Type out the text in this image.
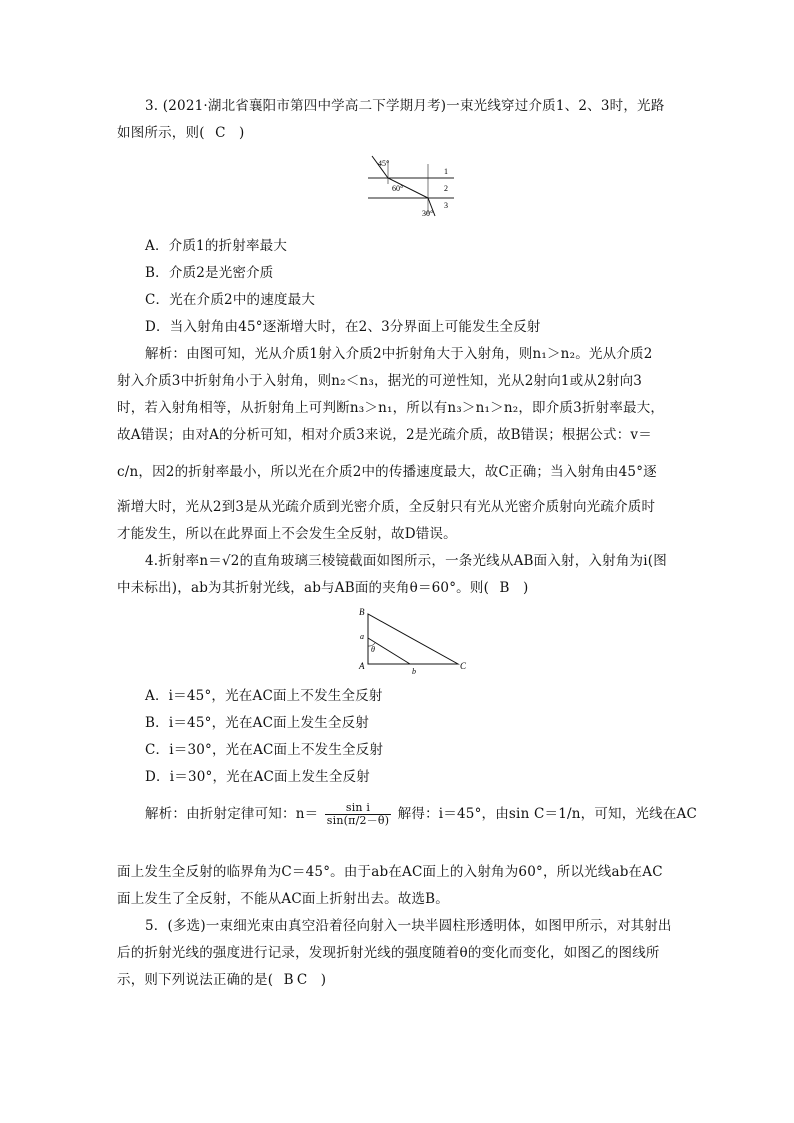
3. (2021·湖北省襄阳市第四中学高二下学期月考)一束光线穿过介质1、2、3时，光路
如图所示，则( C )
45°
60°
30°
1
2
3
A．介质1的折射率最大
B．介质2是光密介质
C．光在介质2中的速度最大
D．当入射角由45°逐渐增大时，在2、3分界面上可能发生全反射
解析：由图可知，光从介质1射入介质2中折射角大于入射角，则n₁＞n₂。光从介质2
射入介质3中折射角小于入射角，则n₂＜n₃，据光的可逆性知，光从2射向1或从2射向3
时，若入射角相等，从折射角上可判断n₃＞n₁，所以有n₃＞n₁＞n₂，即介质3折射率最大，
故A错误；由对A的分析可知，相对介质3来说，2是光疏介质，故B错误；根据公式：v＝
c/n，因2的折射率最小，所以光在介质2中的传播速度最大，故C正确；当入射角由45°逐
渐增大时，光从2到3是从光疏介质到光密介质，全反射只有光从光密介质射向光疏介质时
才能发生，所以在此界面上不会发生全反射，故D错误。
4.折射率n＝√2的直角玻璃三棱镜截面如图所示，一条光线从AB面入射，入射角为i(图
中未标出)，ab为其折射光线，ab与AB面的夹角θ＝60°。则( B )
B
A	C
a
b
θ
A．i＝45°，光在AC面上不发生全反射
B．i＝45°，光在AC面上发生全反射
C．i＝30°，光在AC面上不发生全反射
D．i＝30°，光在AC面上发生全反射
解析：由折射定律可知：$n= \frac{\text{sin i}}{\sin(\pi/2-\theta)}$ 解得：i＝45°，由sin C＝1/n，可知，光线在AC
面上发生全反射的临界角为C＝45°。由于ab在AC面上的入射角为60°，所以光线ab在AC
面上发生了全反射，不能从AC面上折射出去。故选B。
5．(多选)一束细光束由真空沿着径向射入一块半圆柱形透明体，如图甲所示，对其射出
后的折射光线的强度进行记录，发现折射光线的强度随着θ的变化而变化，如图乙的图线所
示，则下列说法正确的是( BC )
